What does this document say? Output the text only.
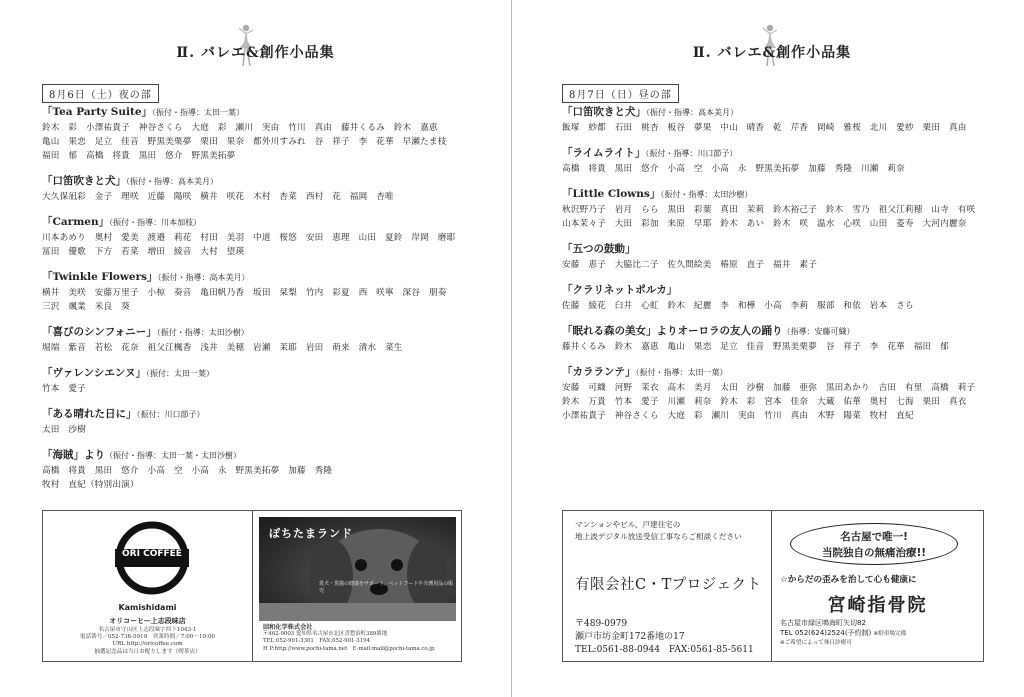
Ⅱ. バレエ&創作小品集
8月6日（土）夜の部
「Tea Party Suite」（振付・指導：太田一葉）
鈴木　彩　小澤祐貴子　神谷さくら　大庭　彩　瀬川　実由　竹川　真由　藤井くるみ　鈴木　嘉恵
亀山　果恋　足立　佳音　野黒美栗夢　栗田　果奈　都外川すみれ　谷　祥子　李　花華　早瀬たま枝
福田　郁　高橋　将貴　黒田　悠介　野黒美拓夢
「口笛吹きと犬」（振付・指導：高本美月）
大久保凪彩　金子　理咲　近藤　陽咲　横井　咲花　木村　杏菜　西村　花　福岡　杏唯
「Carmen」（振付・指導：川本加枝）
川本あめり　奥村　愛美　渡邉　莉花　村田　美羽　中道　桜悠　安田　恵理　山田　夏鈴　岸岡　磨耶
冨田　優歌　下方　若菜　増田　綾音　大村　望瑛
「Twinkle Flowers」（振付・指導：高本美月）
横井　美咲　安藤万里子　小椋　奏音　亀田帆乃香　坂田　栞梨　竹内　彩夏　西　咲寧　深谷　朋奏
三沢　颯業　米良　葵
「喜びのシンフォニー」（振付・指導：太田沙樹）
堀端　紫音　若松　花奈　祖父江楓香　浅井　美穂　岩瀬　茉耶　岩田　萌来　清水　菜生
「ヴァレンシエンヌ」（振付：太田一葉）
竹本　愛子
「ある晴れた日に」（振付：川口節子）
太田　沙樹
「海賊」より（振付・指導：太田一葉・太田沙樹）
高橋　将貴　黒田　悠介　小高　空　小高　永　野黒美拓夢　加藤　秀隆
牧村　直紀（特別出演）
ORI COFFEE
Kamishidami
オリコーヒー上志段味店
名古屋市守山区上志段味字西下1043-1
電話番号／052-736-5919　営業時間／7:00〜19:00
URL http://oricoffee.com
抽選記念品は当日お配りします（喫茶店）
ぽちたまランド
愛犬・愛猫の健康をサポート。ペットフードや介護用品の販売
回和化学株式会社
〒462-0003 愛知県名古屋市北区喜惣治町389番地
TEL:052-901-3301　FAX:052-901-3194
H P:http://www.pochi-tama.net　E-mail:mail@pochi-tama.co.jp
Ⅱ. バレエ&創作小品集
8月7日（日）昼の部
「口笛吹きと犬」（振付・指導：高本美月）
飯塚　紗都　石田　桃杏　板谷　夢果　中山　晴香　乾　芹香　岡崎　雅桜　北川　愛紗　栗田　真由
「ライムライト」（振付・指導：川口節子）
高橋　将貴　黒田　悠介　小高　空　小高　永　野黒美拓夢　加藤　秀隆　川瀬　莉奈
「Little Clowns」（振付・指導：太田沙樹）
秋沢野乃子　岩月　らら　黒田　彩葉　真田　茉莉　鈴木裕己子　鈴木　雪乃　祖父江莉穂　山寺　有咲
山本茉々子　大田　彩加　来原　早耶　鈴木　あい　鈴木　咲　温水　心咲　山田　菱寿　大河内麗奈
「五つの鼓動」
安藤　恵子　大脇比二子　佐久間絵美　椿原　直子　福井　素子
「クラリネットポルカ」
佐藤　綾花　臼井　心虹　鈴木　紀麗　李　和樺　小高　李莉　服部　和依　岩本　さら
「眠れる森の美女」よりオーロラの友人の踊り（指導：安藤可織）
藤井くるみ　鈴木　嘉恵　亀山　果恋　足立　佳音　野黒美栗夢　谷　祥子　李　花華　福田　郁
「カラランテ」（振付・指導：太田一葉）
安藤　可織　河野　茉衣　高木　美月　太田　沙樹　加藤　亜弥　黒田あかり　吉田　有里　高橋　莉子
鈴木　万貴　竹本　愛子　川瀬　莉奈　鈴木　彩　宮本　佳奈　大蔵　佑華　奥村　七海　栗田　真衣
小澤祐貴子　神谷さくら　大庭　彩　瀬川　実由　竹川　真由　木野　陽菜　牧村　直紀
マンションやビル、戸建住宅の
地上波デジタル放送受信工事ならご相談ください
有限会社C・Tプロジェクト
〒489-0979
瀬戸市坊金町172番地の17
TEL:0561-88-0944　FAX:0561-85-5611
名古屋で唯一!
当院独自の無痛治療!!
☆からだの歪みを治して心も健康に
宮崎指骨院
名古屋市緑区鳴海町矢切82
TEL 052(624)2524(予約制) ※駐車場完備
※ご希望によって休日診療可
